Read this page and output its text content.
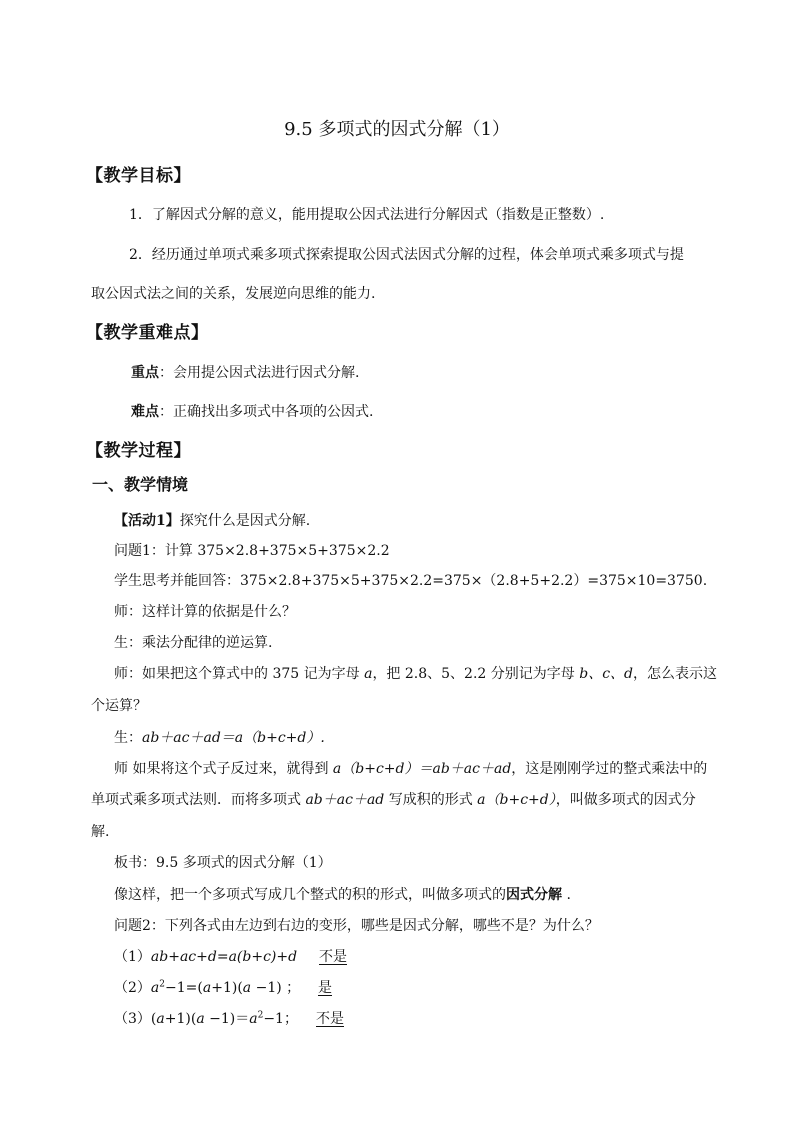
9.5 多项式的因式分解（1）
【教学目标】
1．了解因式分解的意义，能用提取公因式法进行分解因式（指数是正整数）.
2．经历通过单项式乘多项式探索提取公因式法因式分解的过程，体会单项式乘多项式与提
取公因式法之间的关系，发展逆向思维的能力.
【教学重难点】
重点：会用提公因式法进行因式分解.
难点：正确找出多项式中各项的公因式.
【教学过程】
一、教学情境
【活动1】探究什么是因式分解.
问题1：计算 375×2.8+375×5+375×2.2
学生思考并能回答：375×2.8+375×5+375×2.2=375×（2.8+5+2.2）=375×10=3750.
师：这样计算的依据是什么？
生：乘法分配律的逆运算.
师：如果把这个算式中的 375 记为字母 a，把 2.8、5、2.2 分别记为字母 b、c、d，怎么表示这
个运算？
生：ab＋ac＋ad＝a（b+c+d）.
师 如果将这个式子反过来，就得到 a（b+c+d）＝ab＋ac＋ad，这是刚刚学过的整式乘法中的
单项式乘多项式法则．而将多项式 ab＋ac＋ad 写成积的形式 a（b+c+d），叫做多项式的因式分
解.
板书：9.5 多项式的因式分解（1）
像这样，把一个多项式写成几个整式的积的形式，叫做多项式的因式分解 .
问题2：下列各式由左边到右边的变形，哪些是因式分解，哪些不是？为什么？
（1）ab+ac+d=a(b+c)+d 不是
$(2)a^2-1=(a+1)(a -1)$ ； 是
$(3)(a+1)(a -1)=a^2-1$； 不是
